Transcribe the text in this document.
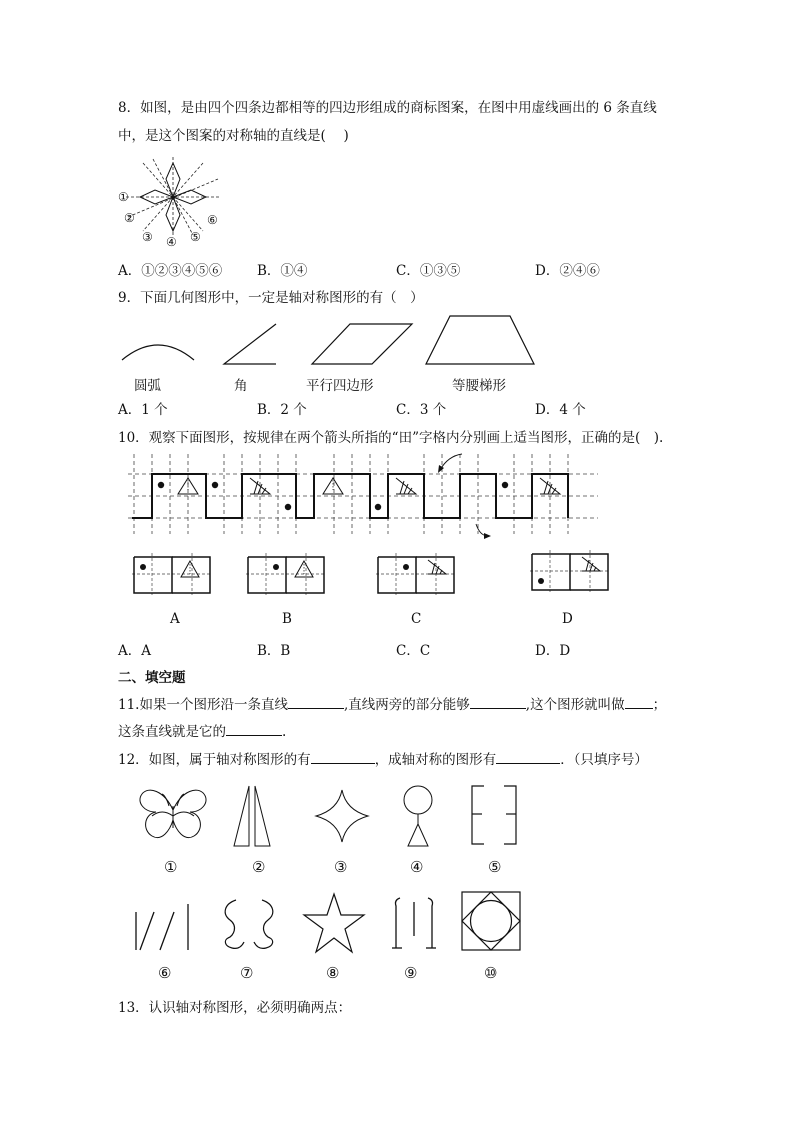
8．如图，是由四个四条边都相等的四边形组成的商标图案，在图中用虚线画出的 6 条直线
中，是这个图案的对称轴的直线是(　 )
①
②
③ ④ ⑤
⑥
A．①②③④⑤⑥	B．①④	C．①③⑤	D．②④⑥
9．下面几何图形中，一定是轴对称图形的有（　）
圆弧	角	平行四边形	等腰梯形
A．1 个	B．2 个	C．3 个	D．4 个
10．观察下面图形，按规律在两个箭头所指的“田”字格内分别画上适当图形，正确的是(　).
A	B	C	D
A．A	B．B	C．C	D．D
二、填空题
11.如果一个图形沿一条直线	,直线两旁的部分能够	,这个图形就叫做 ；
这条直线就是它的	.
12．如图，属于轴对称图形的有	，成轴对称的图形有	．（只填序号）
①	②	③	④	⑤
⑥	⑦	⑧	⑨	⑩
13．认识轴对称图形，必须明确两点：
